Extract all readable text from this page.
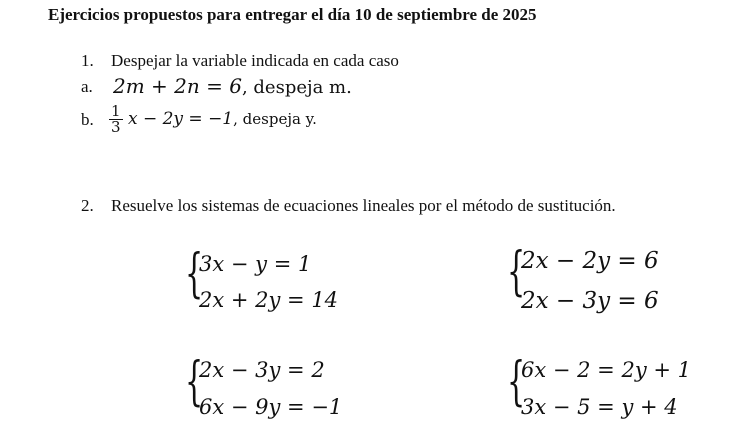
Ejercicios propuestos para entregar el día 10 de septiembre de 2025
1. Despejar la variable indicada en cada caso
a. 2m + 2n = 6, despeja m.
b. $\frac{1}{3}$ x − 2y = −1, despeja y.
2. Resuelve los sistemas de ecuaciones lineales por el método de sustitución.
{
3x − y = 1
2x + 2y = 14	{
2x − 2y = 6
2x − 3y = 6
{
2x − 3y = 2
6x − 9y = −1	{
6x − 2 = 2y + 1
3x − 5 = y + 4
